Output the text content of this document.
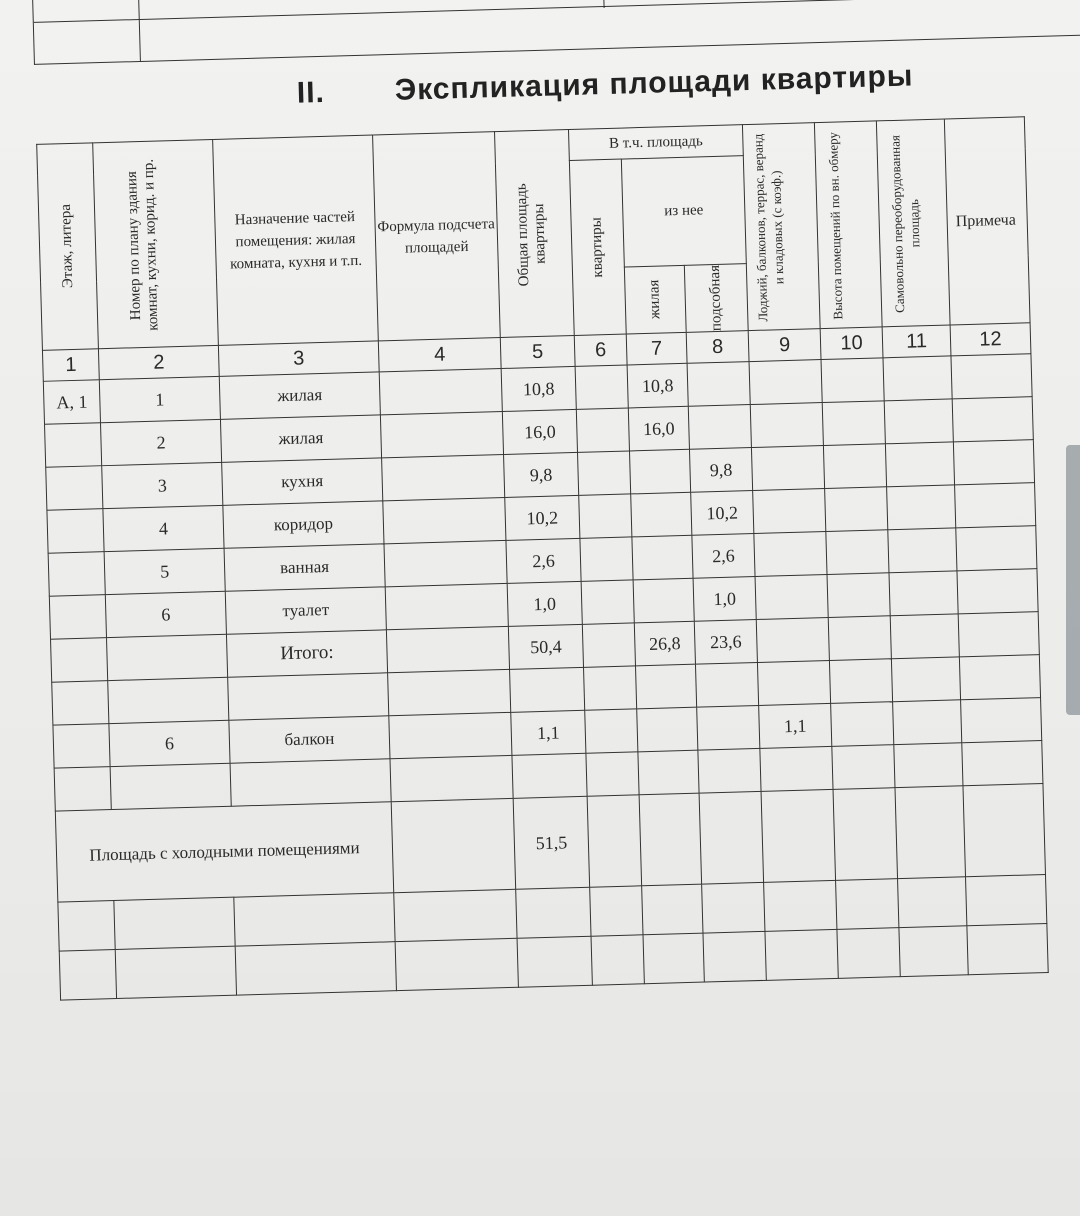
II. Экспликация площади квартиры
Этаж, литера	Номер по плану здания комнат, кухни, корид. и пр.	Назначение частей помещения: жилая комната, кухня и т.п.	Формула подсчета площадей	Общая площадь квартиры	В т.ч. площадь			Лоджий, балконов, террас, веранд и кладовых (с коэф.)	Высота помещений по вн. обмеру	Самовольно переоборудованная площадь	Примеча

					квартиры	из нее					

						жилая	подсобная				

1	2	3	4	5	6	7	8	9	10	11	12
А, 1	1	жилая		10,8		10,8					
	2	жилая		16,0		16,0					
	3	кухня		9,8			9,8				
	4	коридор		10,2			10,2				
	5	ванная		2,6			2,6				
	6	туалет		1,0			1,0				
		Итого:		50,4		26,8	23,6				

	6	балкон		1,1				1,1			

Площадь с холодными помещениями				51,5							
